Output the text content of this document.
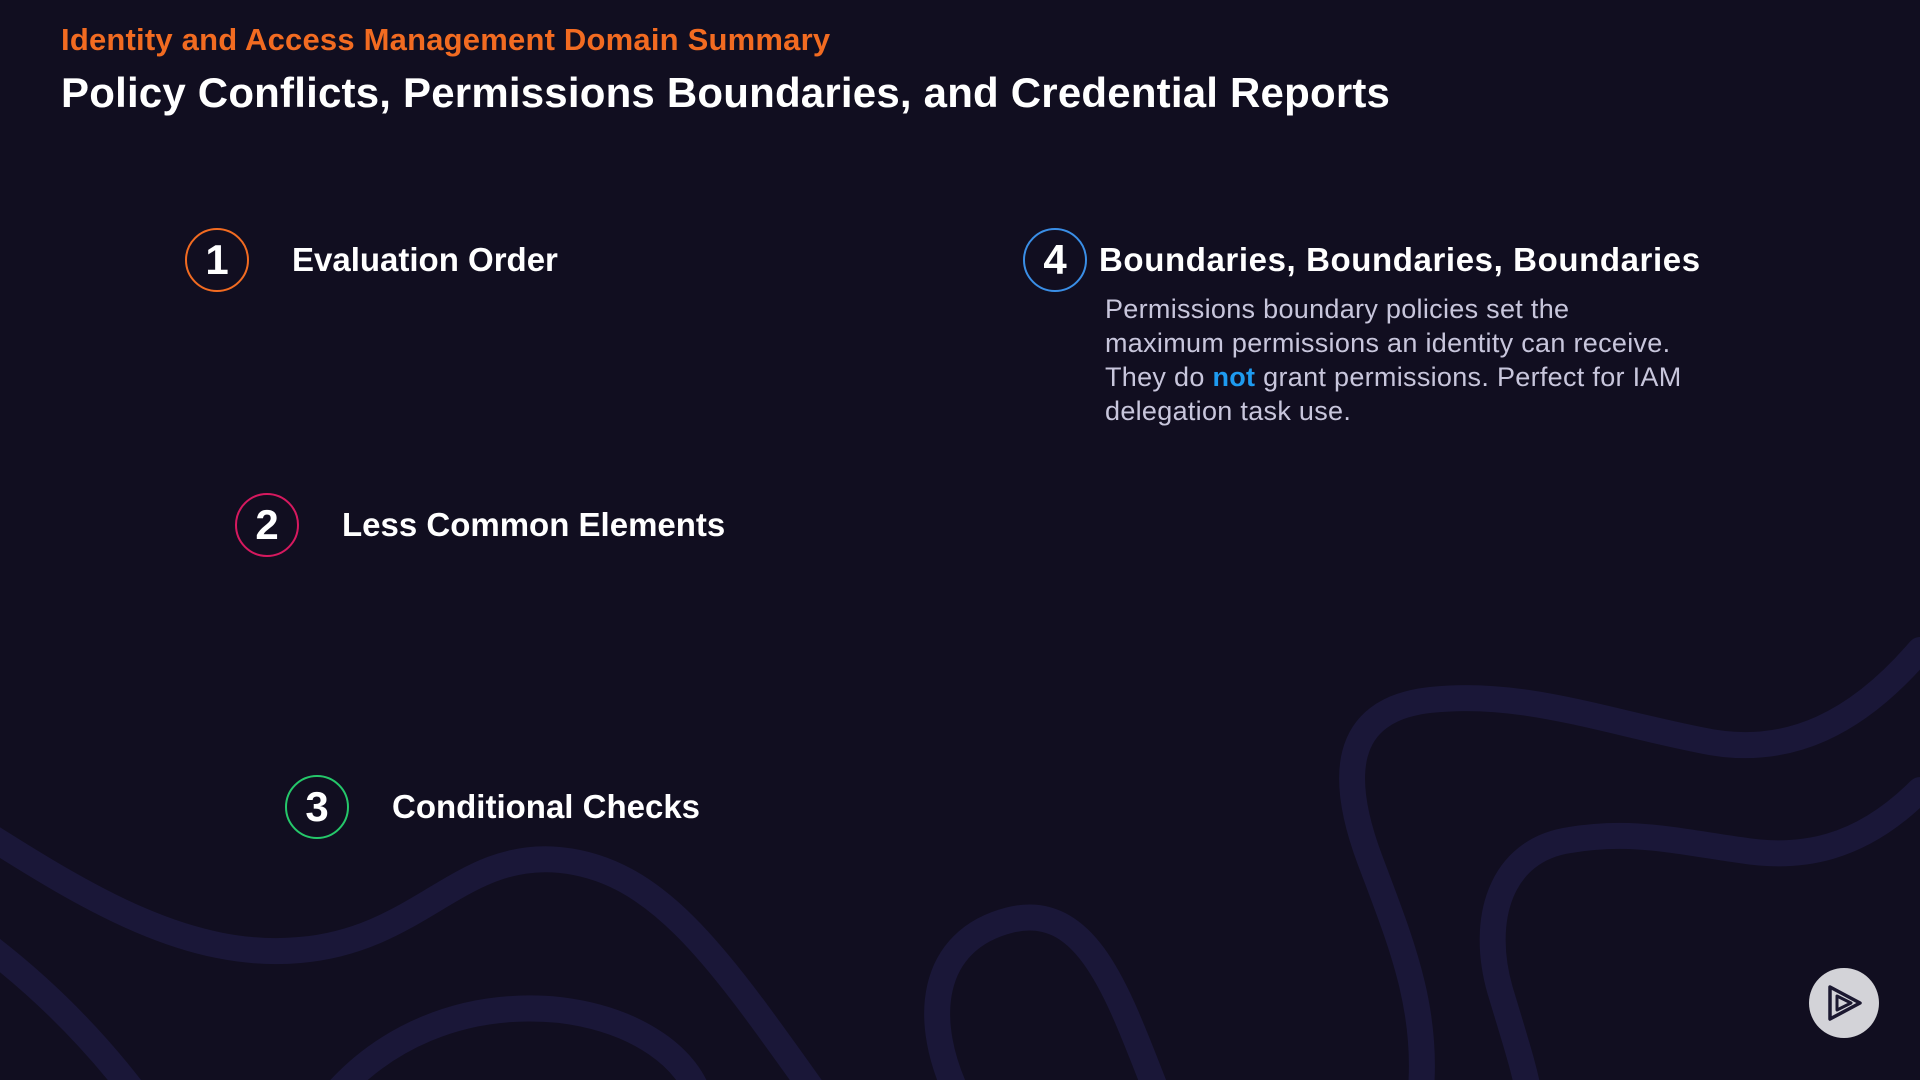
Identity and Access Management Domain Summary
Policy Conflicts, Permissions Boundaries, and Credential Reports
1	Evaluation Order
2	Less Common Elements
3	Conditional Checks
4 Boundaries, Boundaries, Boundaries
Permissions boundary policies set the
maximum permissions an identity can receive.
They do not grant permissions. Perfect for IAM
delegation task use.
